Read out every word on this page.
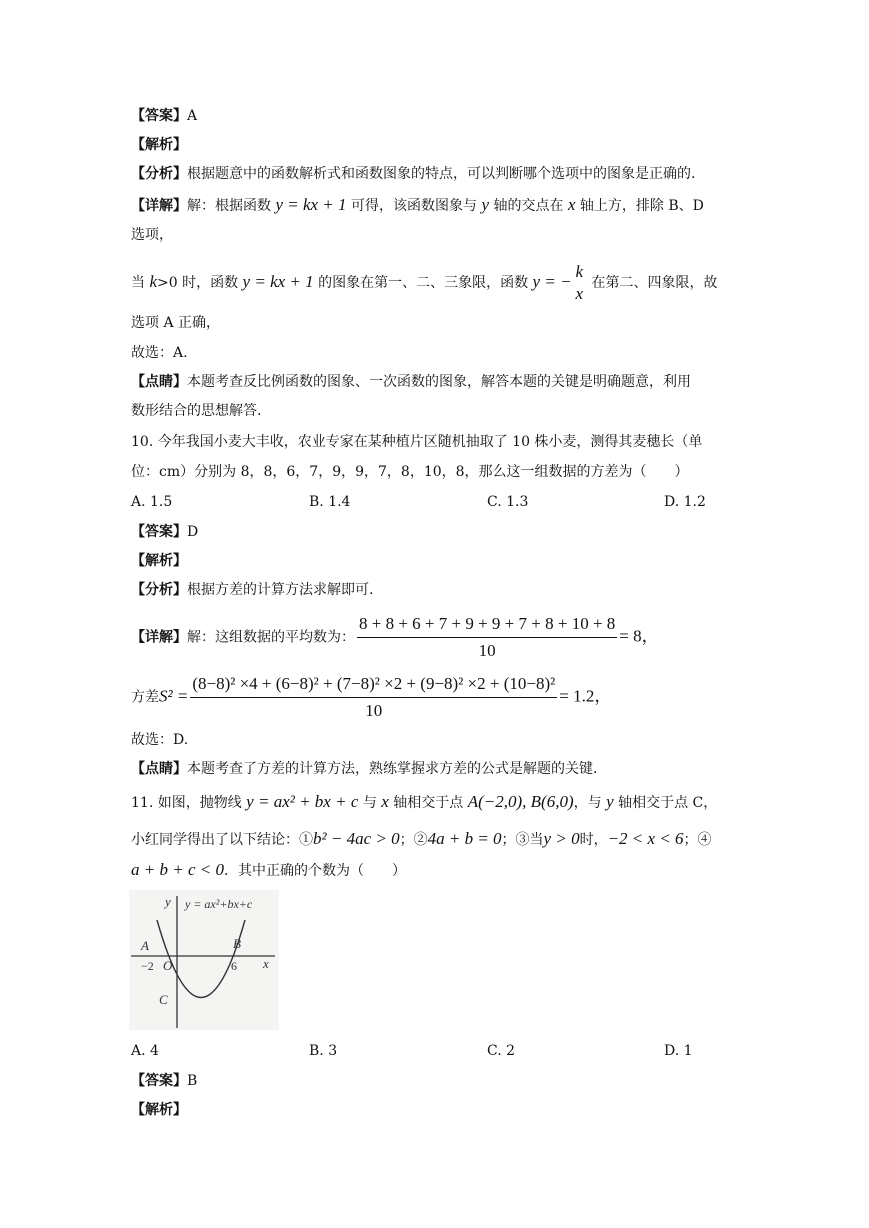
【答案】A
【解析】
【分析】根据题意中的函数解析式和函数图象的特点，可以判断哪个选项中的图象是正确的.
【详解】解：根据函数 y = kx + 1 可得，该函数图象与 y 轴的交点在 x 轴上方，排除 B、D
选项，
当 k>0 时，函数 y = kx + 1 的图象在第一、二、三象限，函数 y = −
k
x
在第二、四象限，故
选项 A 正确，
故选：A.
【点睛】本题考查反比例函数的图象、一次函数的图象，解答本题的关键是明确题意，利用
数形结合的思想解答.
10. 今年我国小麦大丰收，农业专家在某种植片区随机抽取了 10 株小麦，测得其麦穗长（单
位：cm）分别为 8，8，6，7，9，9，7，8，10，8，那么这一组数据的方差为（　　）
A. 1.5	B. 1.4	C. 1.3	D. 1.2
【答案】D
【解析】
【分析】根据方差的计算方法求解即可.
【详解】解：这组数据的平均数为： $\frac{8 + 8 + 6 + 7 + 9 + 9 + 7 + 8 + 10 + 8}{10} = 8$，
方差$S^2 = \frac{\text{(8−8)² ×4 + (6−8)² + (7−8)² ×2 + (9−8)² ×2 + (10−8)²}}{10} = 1.2$，
故选：D.
【点睛】本题考查了方差的计算方法，熟练掌握求方差的公式是解题的关键.
11. 如图，抛物线 y = ax² + bx + c 与 x 轴相交于点 A(−2,0), B(6,0)，与 y 轴相交于点 C，
小红同学得出了以下结论：①b² − 4ac > 0；②4a + b = 0；③当y > 0时，−2 < x < 6；④
a + b + c < 0．其中正确的个数为（　　）
y y = ax²+bx+c
A	B
−2 O	6 x
C
A. 4	B. 3	C. 2	D. 1
【答案】B
【解析】
